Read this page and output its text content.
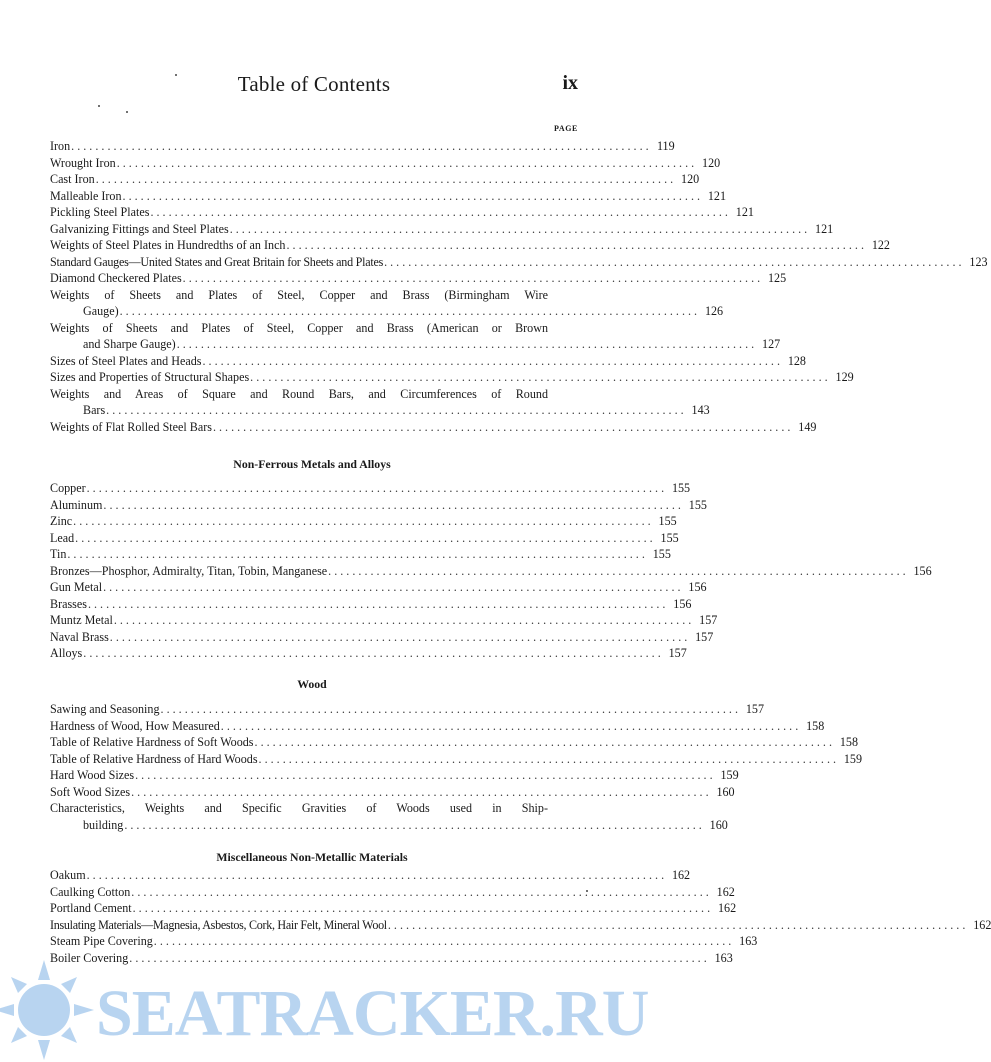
Table of Contents	ix
PAGE
Iron . . .	119
Wrought Iron . . .	120
Cast Iron . . .	120
Malleable Iron . . .	121
Pickling Steel Plates . . .	121
Galvanizing Fittings and Steel Plates . . .	121
Weights of Steel Plates in Hundredths of an Inch . . .	122
Standard Gauges—United States and Great Britain for Sheets and Plates . . .	123
Diamond Checkered Plates . . .	125
Weights of Sheets and Plates of Steel, Copper and Brass (Birmingham Wire
Gauge) . . .	126
Weights of Sheets and Plates of Steel, Copper and Brass (American or Brown
and Sharpe Gauge) . . .	127
Sizes of Steel Plates and Heads . . .	128
Sizes and Properties of Structural Shapes . . .	129
Weights and Areas of Square and Round Bars, and Circumferences of Round
Bars . . .	143
Weights of Flat Rolled Steel Bars . . .	149
Non-Ferrous Metals and Alloys
Copper . . .	155
Aluminum . . .	155
Zinc . . .	155
Lead . . .	155
Tin . . .	155
Bronzes—Phosphor, Admiralty, Titan, Tobin, Manganese . . .	156
Gun Metal . . .	156
Brasses . . .	156
Muntz Metal . . .	157
Naval Brass . . .	157
Alloys . . .	157
Wood
Sawing and Seasoning . . .	157
Hardness of Wood, How Measured . . .	158
Table of Relative Hardness of Soft Woods . . .	158
Table of Relative Hardness of Hard Woods . . .	159
Hard Wood Sizes . . .	159
Soft Wood Sizes . . .	160
Characteristics, Weights and Specific Gravities of Woods used in Ship-
building . . .	160
Miscellaneous Non-Metallic Materials
Oakum . . .	162
Caulking Cotton . . .	162
Portland Cement . . .	162
Insulating Materials—Magnesia, Asbestos, Cork, Hair Felt, Mineral Wool . . .	162
Steam Pipe Covering . . .	163
Boiler Covering . . .	163
SEATRACKER.RU
